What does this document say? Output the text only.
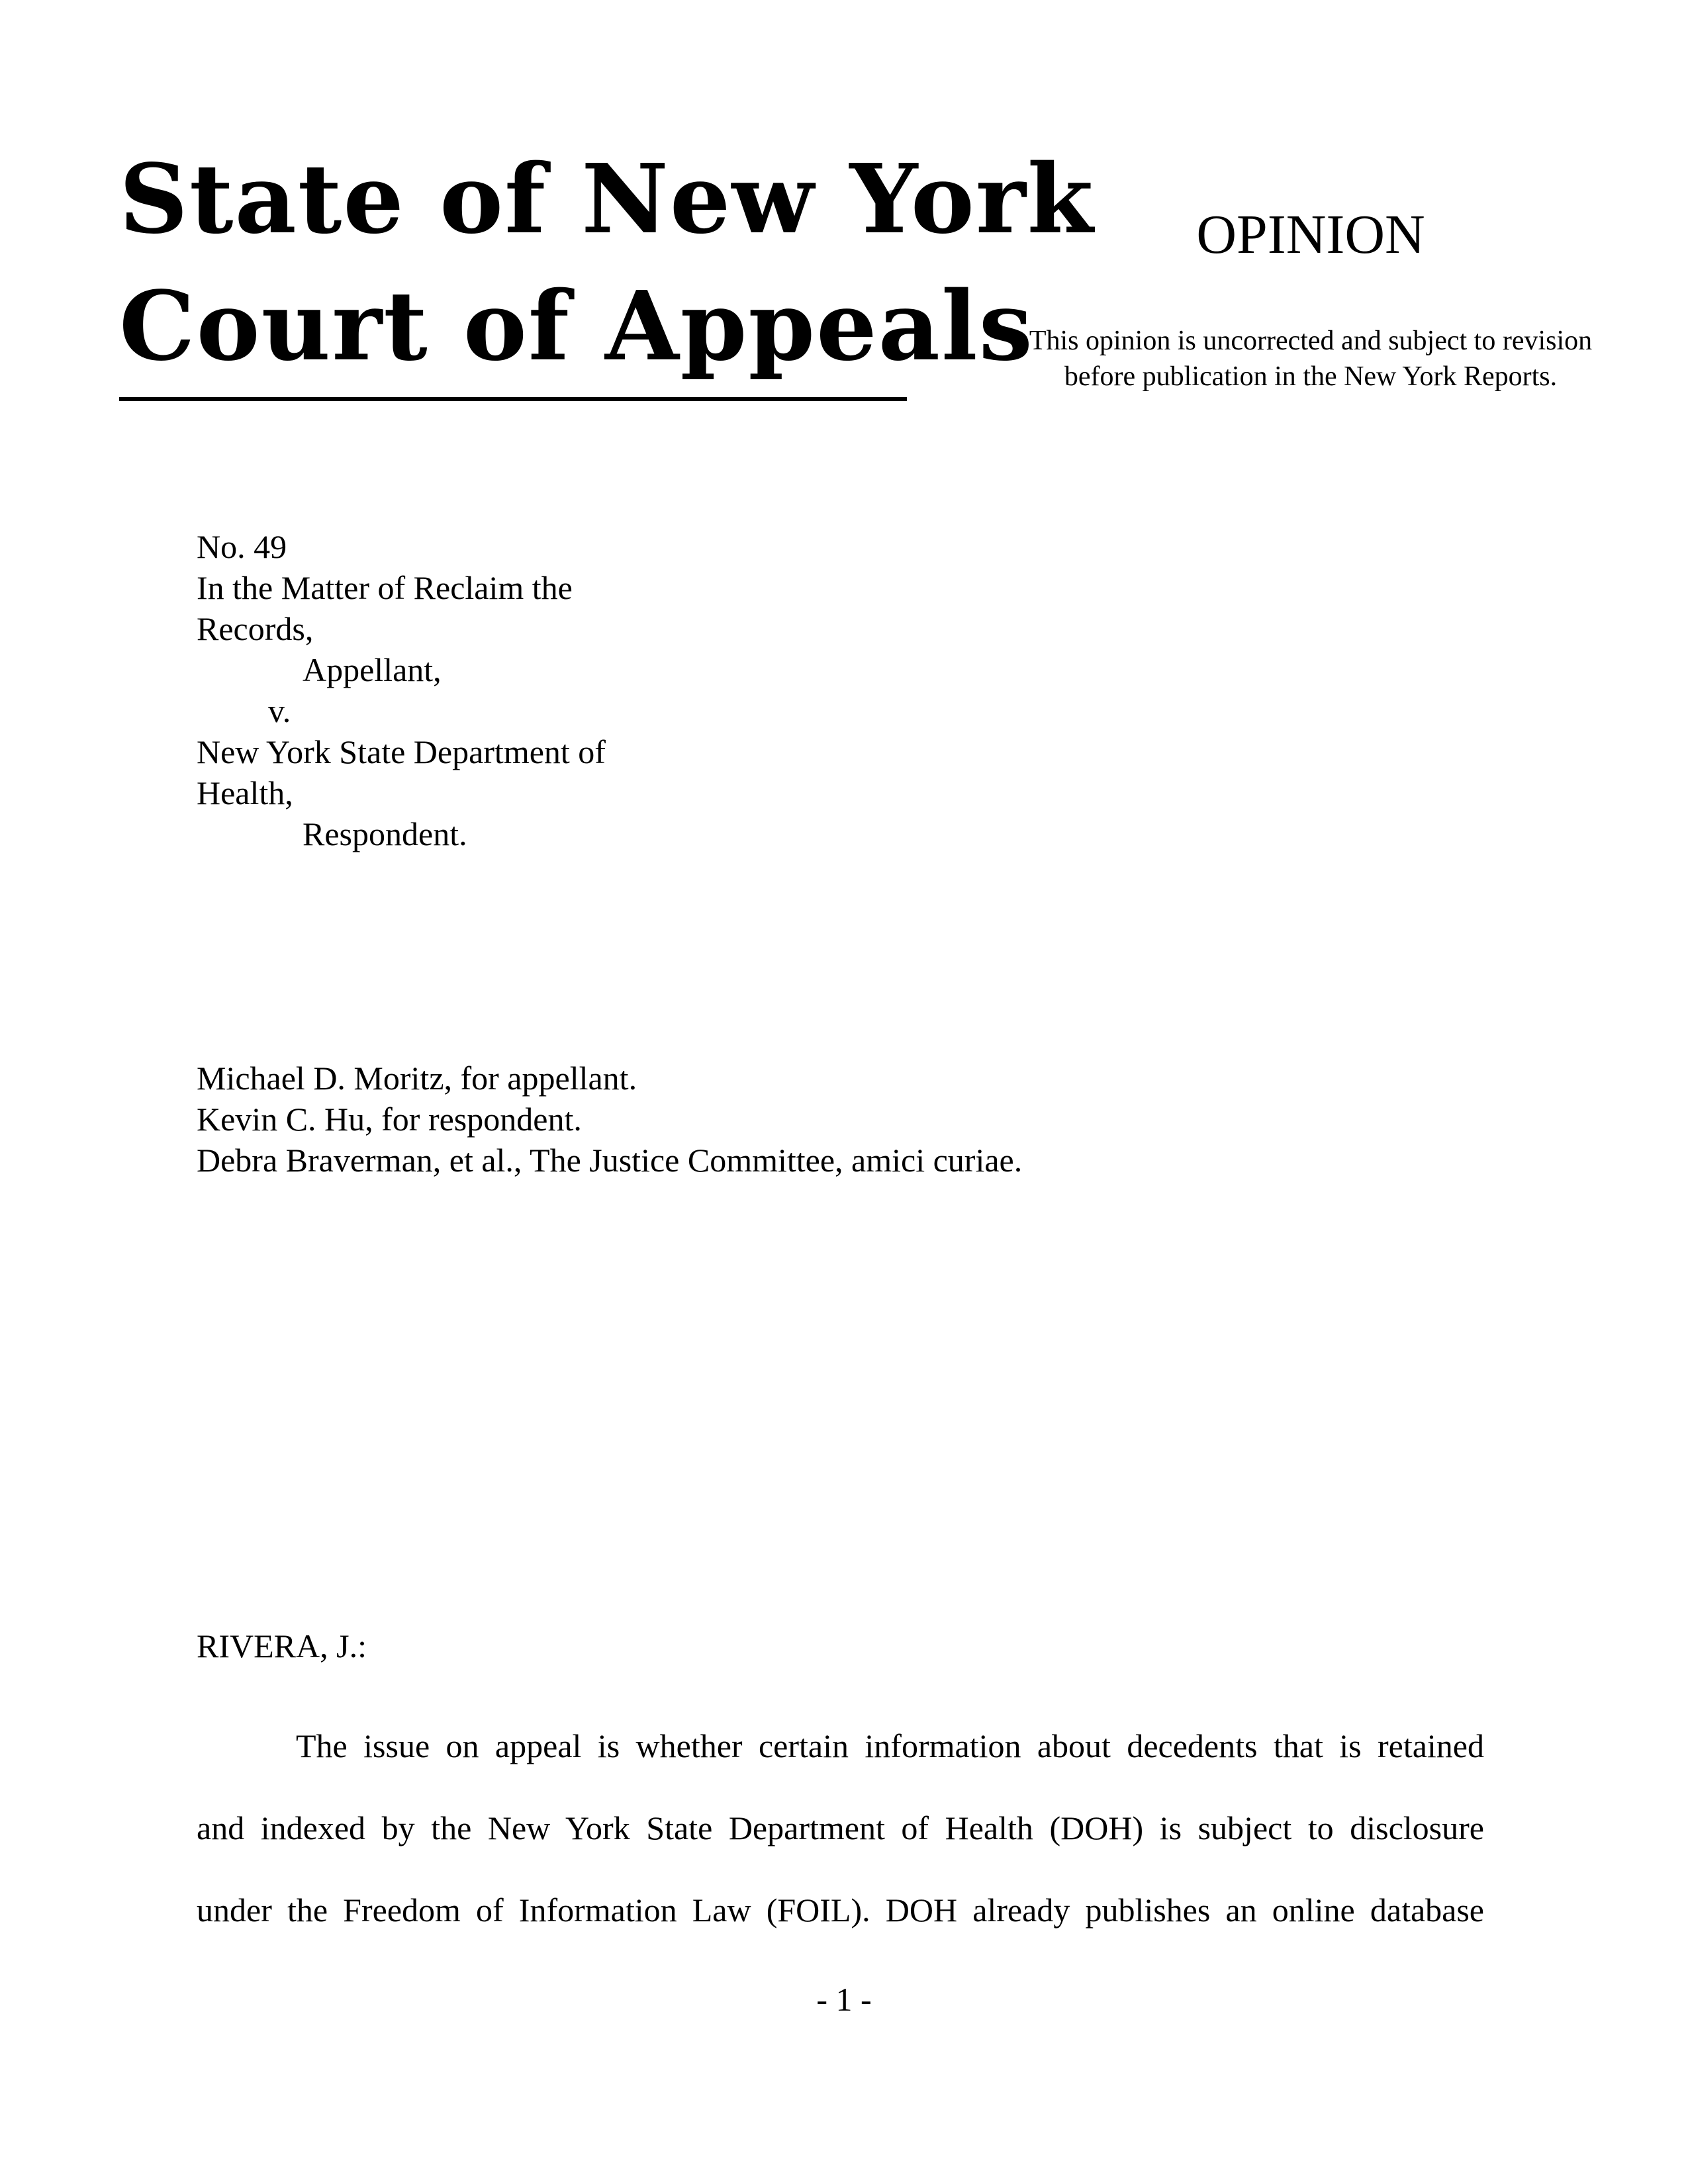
State of New York
Court of Appeals
OPINION
This opinion is uncorrected and subject to revision
before publication in the New York Reports.
No. 49
In the Matter of Reclaim the
Records,
Appellant,
v.
New York State Department of
Health,
Respondent.
Michael D. Moritz, for appellant.
Kevin C. Hu, for respondent.
Debra Braverman, et al., The Justice Committee, amici curiae.
RIVERA, J.:
The issue on appeal is whether certain information about decedents that is retained
and indexed by the New York State Department of Health (DOH) is subject to disclosure
under the Freedom of Information Law (FOIL). DOH already publishes an online database
- 1 -
